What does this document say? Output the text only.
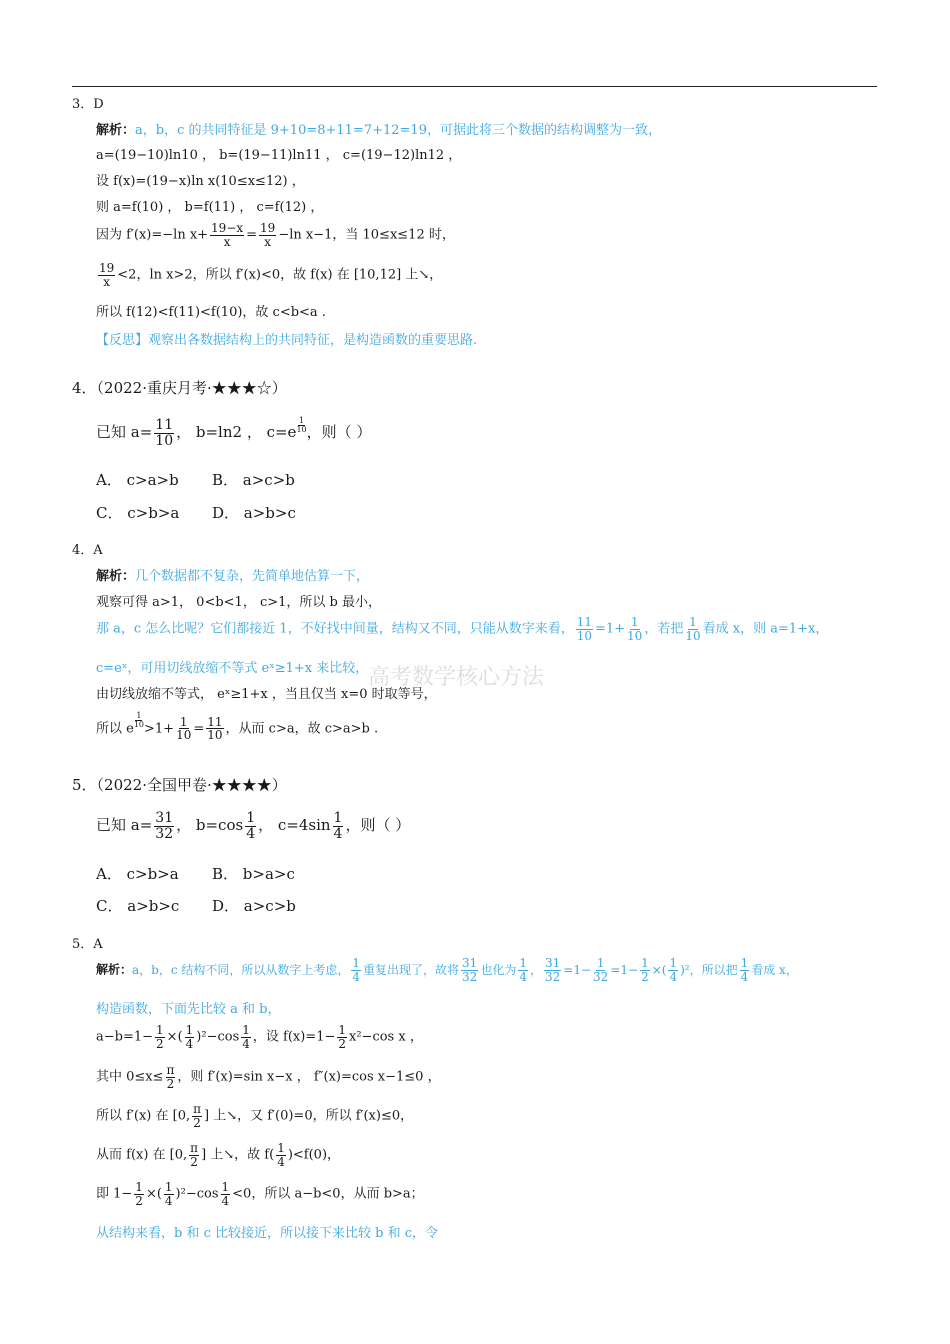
3．D
解析：a，b，c 的共同特征是 9+10=8+11=7+12=19，可据此将三个数据的结构调整为一致，
a=(19−10)ln10 ， b=(19−11)ln11 ， c=(19−12)ln12 ，
设 f(x)=(19−x)ln x(10≤x≤12) ，
则 a=f(10) ， b=f(11) ， c=f(12) ，
因为 f′(x)=−ln $x+ \frac{19-x}{x} = \frac{19}{x} -\ln$ x−1，当 10≤x≤12 时，
$\frac{19}{x} <2$，ln x>2，所以 f′(x)<0，故 f(x) 在 [10,12] 上↘，
所以 f(12)<f(11)<f(10)，故 c<b<a .
【反思】观察出各数据结构上的共同特征，是构造函数的重要思路.
4．（2022·重庆月考·★★★☆）
已知 $a= \frac{11}{10}$ ， b=ln2 ， c=e $^{\frac{1}{10}}$ ，则（ ）
A． c>a>b B． a>c>b
C． c>b>a D． a>b>c
4．A
解析：几个数据都不复杂，先简单地估算一下，
观察可得 a>1， 0<b<1， c>1，所以 b 最小，
那 a，c 怎么比呢？它们都接近 1，不好找中间量，结构又不同，只能从数字来看， $\frac{11}{10} =1+ \frac{1}{10}$ ，若把 $\frac{1}{10}$ 看成 x，则 a=1+x，
c=eˣ，可用切线放缩不等式 eˣ≥1+x 来比较， 高考数学核心方法
由切线放缩不等式， eˣ≥1+x ，当且仅当 x=0 时取等号，
所以 e $^{\frac{1}{10}} >1+ \frac{1}{10} = \frac{11}{10}$ ，从而 c>a，故 c>a>b .
5．（2022·全国甲卷·★★★★）
已知 $a= \frac{31}{32}$ ， $b=\cos \frac{1}{4}$ ， $c=4\sin \frac{1}{4}$ ，则（ ）
A． c>b>a B． b>a>c
C． a>b>c D． a>c>b
5．A
解析：a，b，c 结构不同，所以从数字上考虑， $\frac{1}{4}$ 重复出现了，故将 $\frac{31}{32}$ 也化为 $\frac{1}{4}$ ， $\frac{31}{32} =1- \frac{1}{32} =1- \frac{1}{2}$ ×( $\frac{1}{4} )^2$，所以把 $\frac{1}{4}$ 看成 x，
构造函数，下面先比较 a 和 b，
$a-b=1- \frac{1}{2}$ ×( $\frac{1}{4} )^2-\cos \frac{1}{4}$ ，设 $f(x)=1- \frac{1}{2} x^2-\cos$ x ，
其中 $0\le x\le \frac{\pi}{2}$ ，则 f′(x)=sin x−x ， f″(x)=cos x−1≤0 ，
所以 f′(x) 在 [0, $\frac{\pi}{2}$ ] 上↘，又 f′(0)=0，所以 f′(x)≤0，
从而 f(x) 在 [0, $\frac{\pi}{2}$ ] 上↘，故 $f( \frac{1}{4} )<f(0)$，
即 $1- \frac{1}{2}$ ×( $\frac{1}{4} )^2-\cos \frac{1}{4} <0$，所以 a−b<0，从而 b>a；
从结构来看，b 和 c 比较接近，所以接下来比较 b 和 c，令
